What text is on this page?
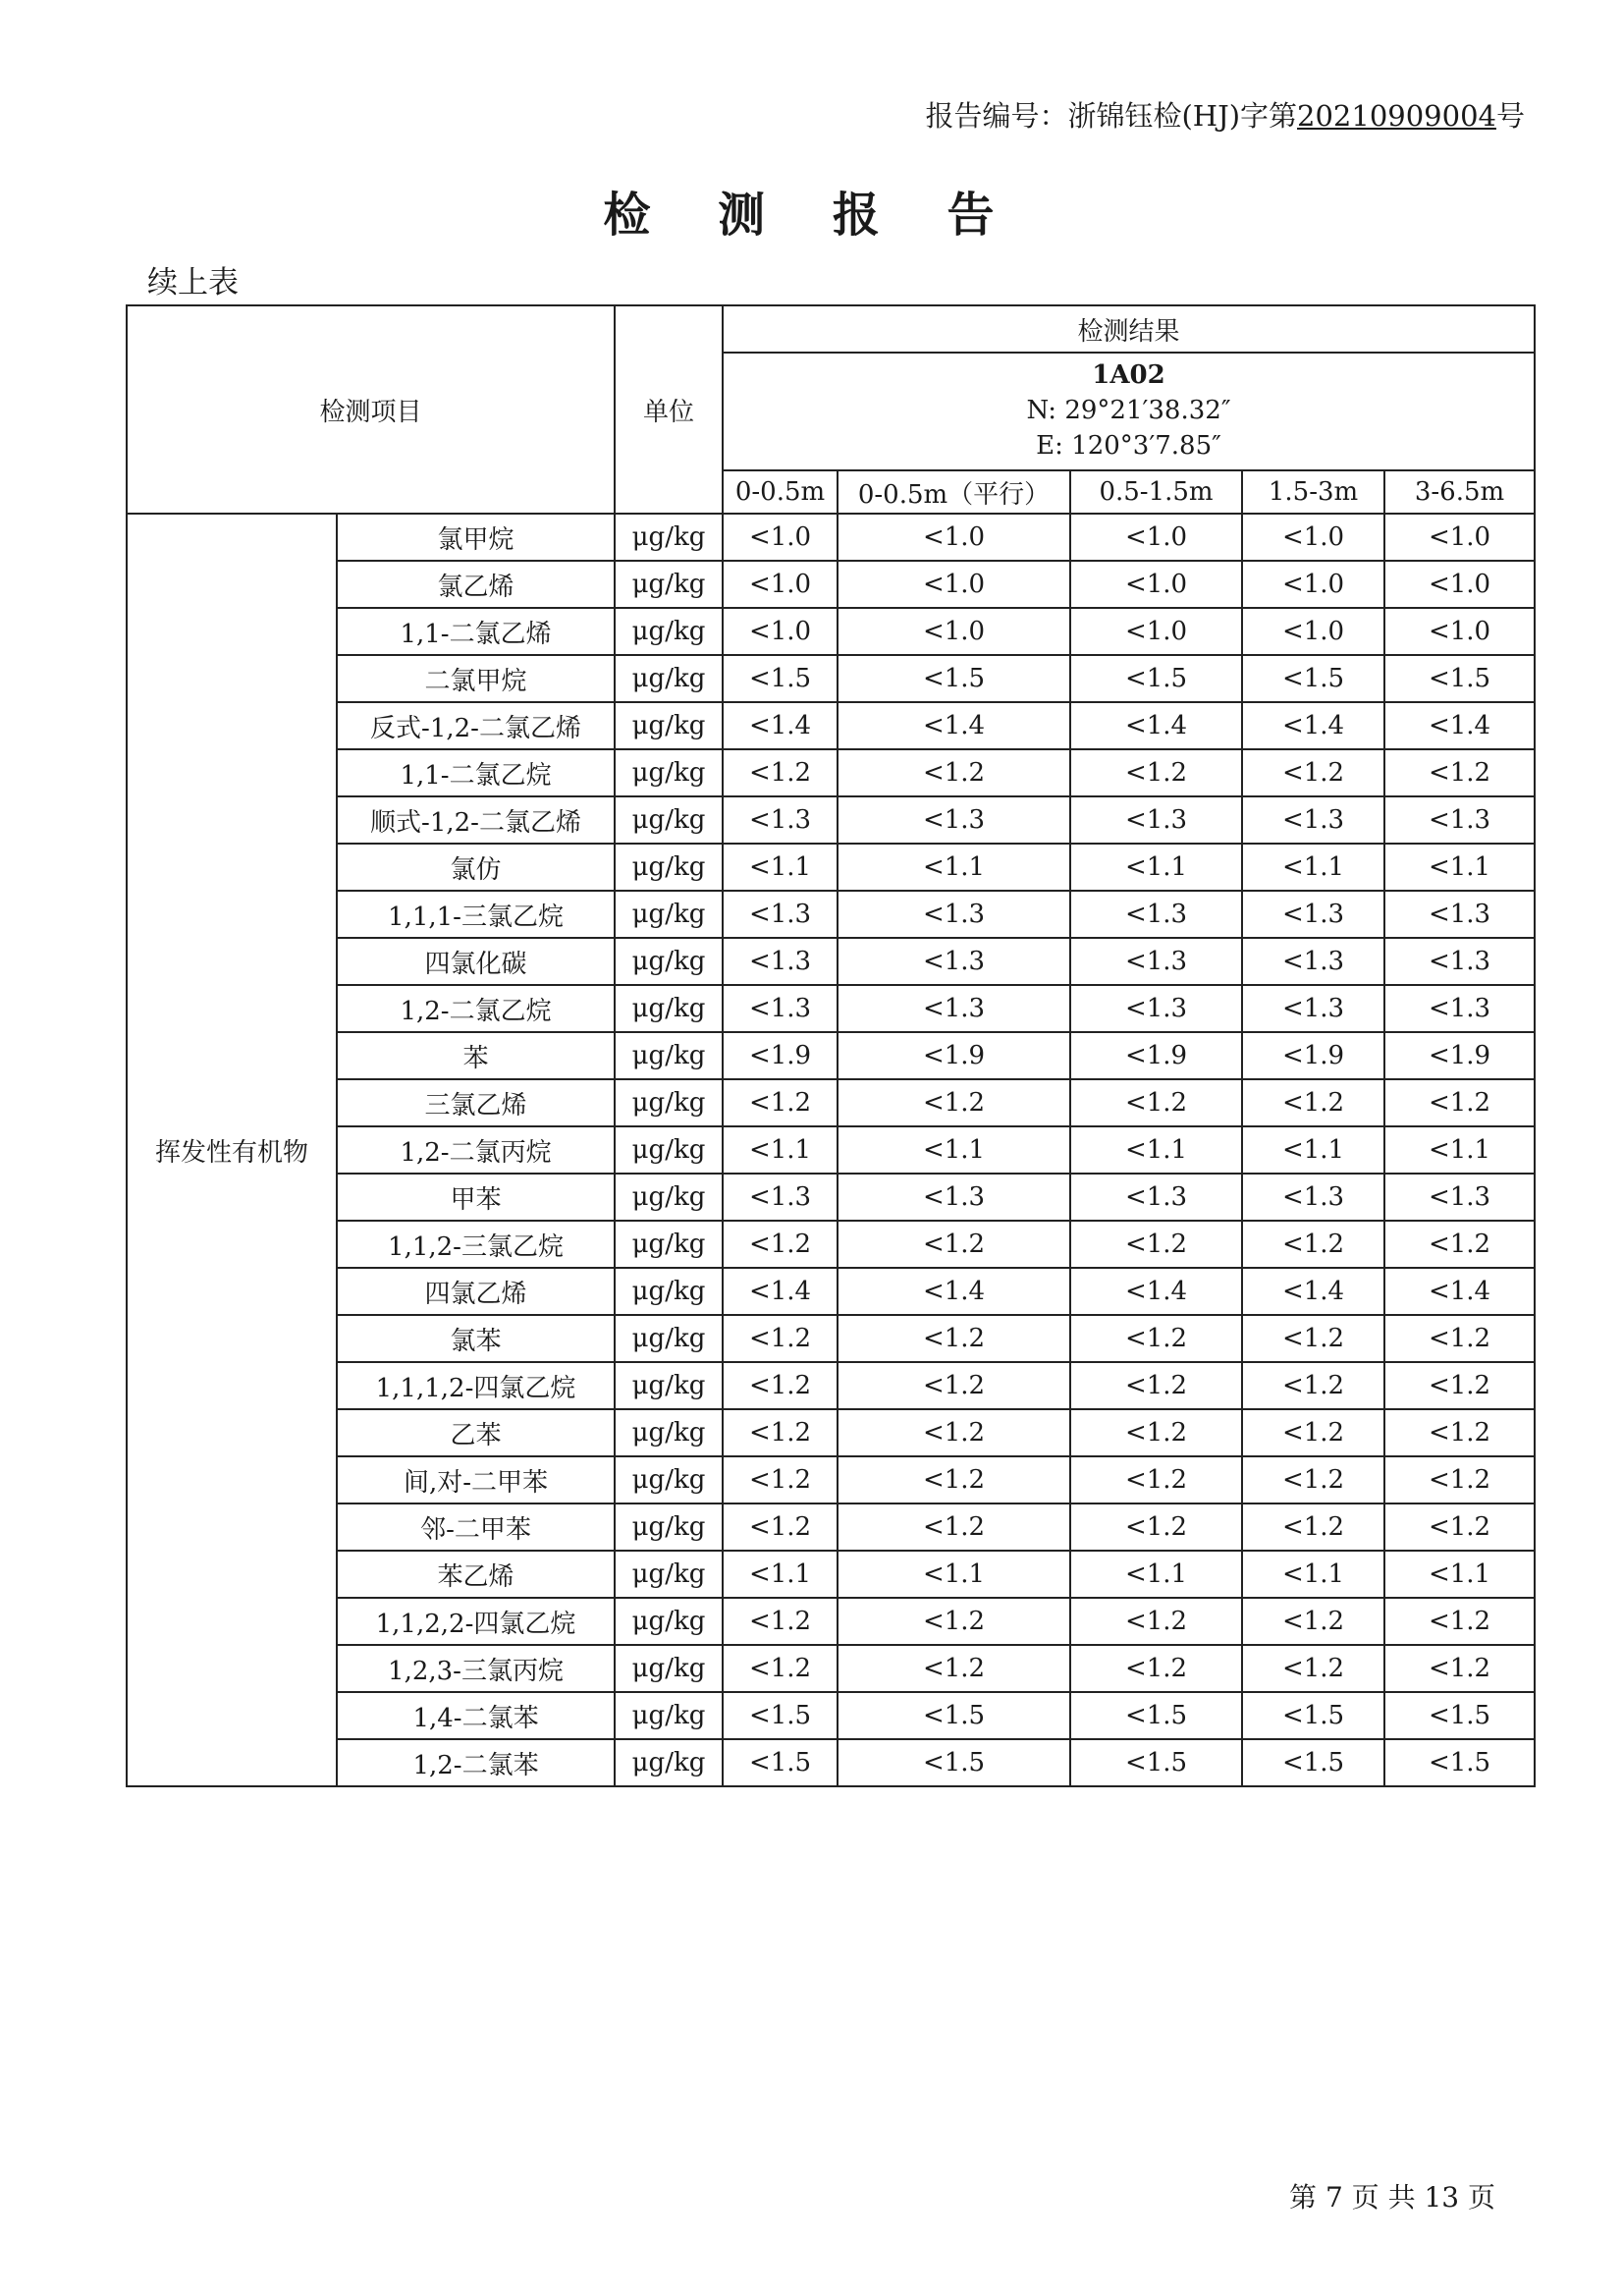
报告编号：浙锦钰检(HJ)字第20210909004号
检 测 报 告
续上表
检测项目		单位	检测结果				

			1A02
N: 29°21′38.32″
E: 120°3′7.85″				

			0-0.5m	0-0.5m（平行）	0.5-1.5m	1.5-3m	3-6.5m
挥发性有机物	氯甲烷	μg/kg	<1.0	<1.0	<1.0	<1.0	<1.0
	氯乙烯	μg/kg	<1.0	<1.0	<1.0	<1.0	<1.0
	1,1-二氯乙烯	μg/kg	<1.0	<1.0	<1.0	<1.0	<1.0
	二氯甲烷	μg/kg	<1.5	<1.5	<1.5	<1.5	<1.5
	反式-1,2-二氯乙烯	μg/kg	<1.4	<1.4	<1.4	<1.4	<1.4
	1,1-二氯乙烷	μg/kg	<1.2	<1.2	<1.2	<1.2	<1.2
	顺式-1,2-二氯乙烯	μg/kg	<1.3	<1.3	<1.3	<1.3	<1.3
	氯仿	μg/kg	<1.1	<1.1	<1.1	<1.1	<1.1
	1,1,1-三氯乙烷	μg/kg	<1.3	<1.3	<1.3	<1.3	<1.3
	四氯化碳	μg/kg	<1.3	<1.3	<1.3	<1.3	<1.3
	1,2-二氯乙烷	μg/kg	<1.3	<1.3	<1.3	<1.3	<1.3
	苯	μg/kg	<1.9	<1.9	<1.9	<1.9	<1.9
	三氯乙烯	μg/kg	<1.2	<1.2	<1.2	<1.2	<1.2
	1,2-二氯丙烷	μg/kg	<1.1	<1.1	<1.1	<1.1	<1.1
	甲苯	μg/kg	<1.3	<1.3	<1.3	<1.3	<1.3
	1,1,2-三氯乙烷	μg/kg	<1.2	<1.2	<1.2	<1.2	<1.2
	四氯乙烯	μg/kg	<1.4	<1.4	<1.4	<1.4	<1.4
	氯苯	μg/kg	<1.2	<1.2	<1.2	<1.2	<1.2
	1,1,1,2-四氯乙烷	μg/kg	<1.2	<1.2	<1.2	<1.2	<1.2
	乙苯	μg/kg	<1.2	<1.2	<1.2	<1.2	<1.2
	间,对-二甲苯	μg/kg	<1.2	<1.2	<1.2	<1.2	<1.2
	邻-二甲苯	μg/kg	<1.2	<1.2	<1.2	<1.2	<1.2
	苯乙烯	μg/kg	<1.1	<1.1	<1.1	<1.1	<1.1
	1,1,2,2-四氯乙烷	μg/kg	<1.2	<1.2	<1.2	<1.2	<1.2
	1,2,3-三氯丙烷	μg/kg	<1.2	<1.2	<1.2	<1.2	<1.2
	1,4-二氯苯	μg/kg	<1.5	<1.5	<1.5	<1.5	<1.5
	1,2-二氯苯	μg/kg	<1.5	<1.5	<1.5	<1.5	<1.5
第 7 页 共 13 页
